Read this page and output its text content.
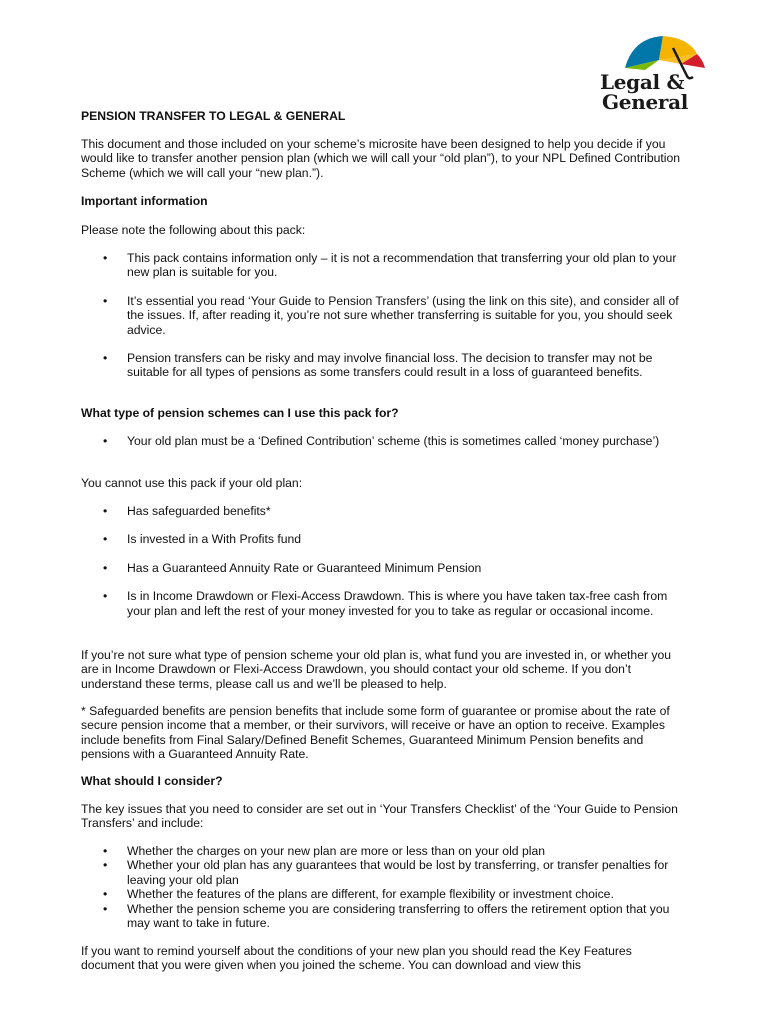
Legal &
General
PENSION TRANSFER TO LEGAL & GENERAL

This document and those included on your scheme’s microsite have been designed to help you decide if you would like to transfer another pension plan (which we will call your “old plan”), to your NPL Defined Contribution Scheme (which we will call your “new plan.”).

Important information

Please note the following about this pack:

• This pack contains information only – it is not a recommendation that transferring your old plan to your new plan is suitable for you.
• It’s essential you read ‘Your Guide to Pension Transfers’ (using the link on this site), and consider all of the issues. If, after reading it, you’re not sure whether transferring is suitable for you, you should seek advice.
• Pension transfers can be risky and may involve financial loss. The decision to transfer may not be suitable for all types of pensions as some transfers could result in a loss of guaranteed benefits.
What type of pension schemes can I use this pack for?
• Your old plan must be a ‘Defined Contribution’ scheme (this is sometimes called ‘money purchase’)

You cannot use this pack if your old plan:

• Has safeguarded benefits*
• Is invested in a With Profits fund
• Has a Guaranteed Annuity Rate or Guaranteed Minimum Pension
• Is in Income Drawdown or Flexi-Access Drawdown. This is where you have taken tax-free cash from your plan and left the rest of your money invested for you to take as regular or occasional income.

If you’re not sure what type of pension scheme your old plan is, what fund you are invested in, or whether you are in Income Drawdown or Flexi-Access Drawdown, you should contact your old scheme. If you don’t understand these terms, please call us and we’ll be pleased to help.

* Safeguarded benefits are pension benefits that include some form of guarantee or promise about the rate of secure pension income that a member, or their survivors, will receive or have an option to receive. Examples include benefits from Final Salary/Defined Benefit Schemes, Guaranteed Minimum Pension benefits and pensions with a Guaranteed Annuity Rate.

What should I consider?

The key issues that you need to consider are set out in ‘Your Transfers Checklist’ of the ‘Your Guide to Pension Transfers’ and include:

• Whether the charges on your new plan are more or less than on your old plan
• Whether your old plan has any guarantees that would be lost by transferring, or transfer penalties for leaving your old plan
• Whether the features of the plans are different, for example flexibility or investment choice.
• Whether the pension scheme you are considering transferring to offers the retirement option that you may want to take in future.

If you want to remind yourself about the conditions of your new plan you should read the Key Features document that you were given when you joined the scheme. You can download and view this
